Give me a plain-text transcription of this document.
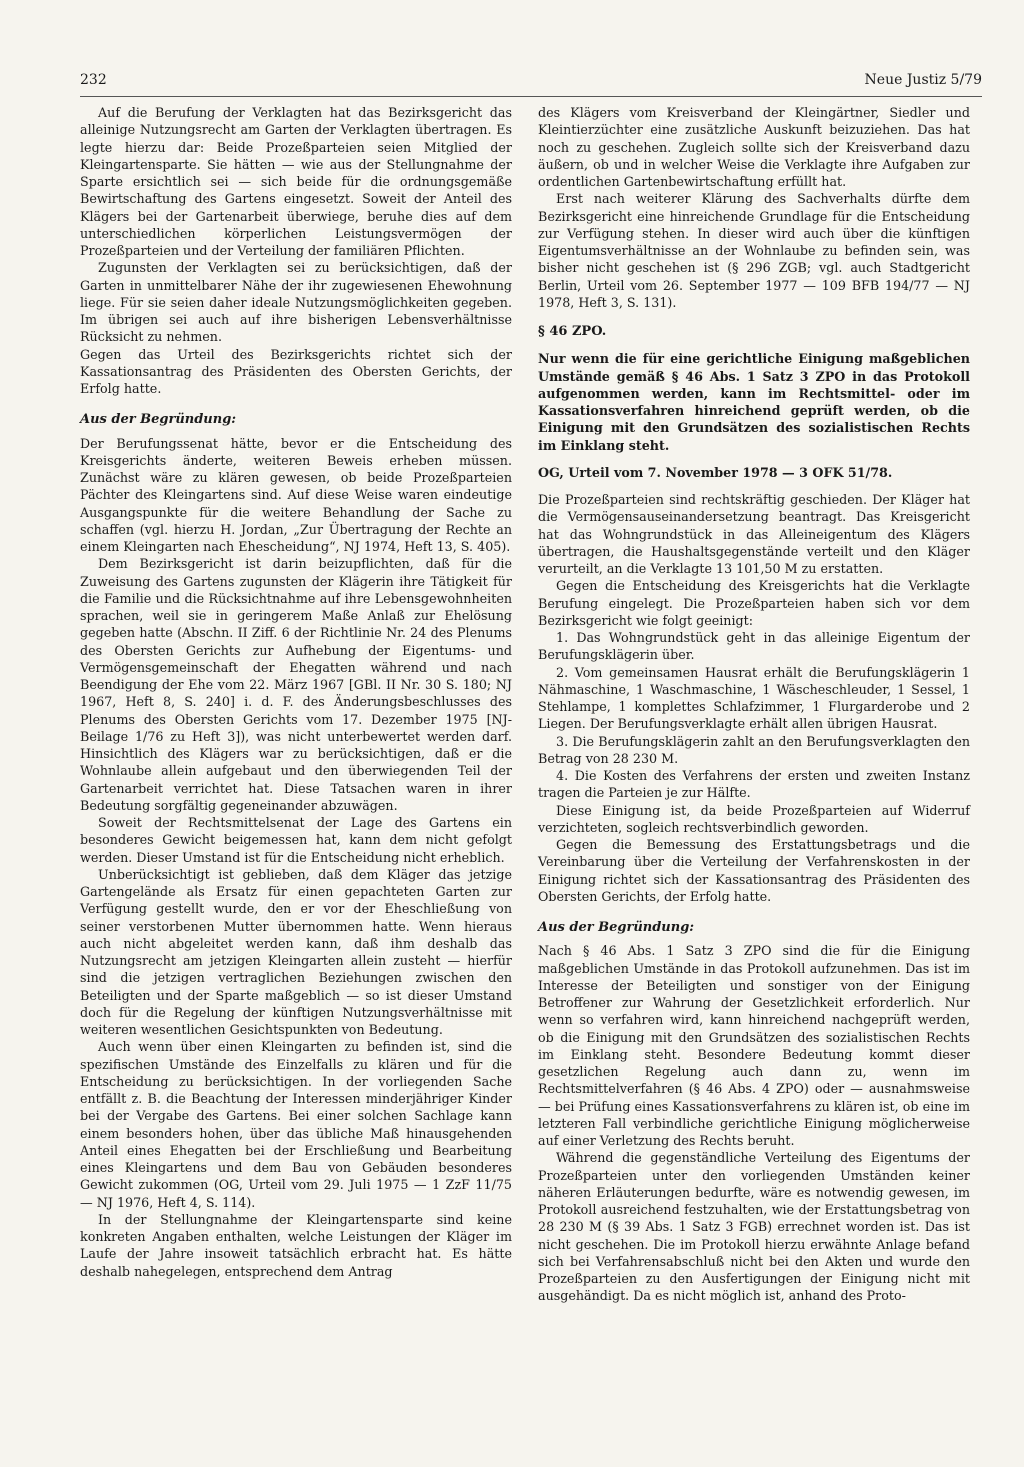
232	Neue Justiz 5/79

Auf die Berufung der Verklagten hat das Bezirksgericht das alleinige Nutzungsrecht am Garten der Verklagten übertragen. Es legte hierzu dar: Beide Prozeßparteien seien Mitglied der Kleingartensparte. Sie hätten — wie aus der Stellungnahme der Sparte ersichtlich sei — sich beide für die ordnungsgemäße Bewirtschaftung des Gartens eingesetzt. Soweit der Anteil des Klägers bei der Gartenarbeit überwiege, beruhe dies auf dem unterschiedlichen körperlichen Leistungsvermögen der Prozeßparteien und der Verteilung der familiären Pflichten.

Zugunsten der Verklagten sei zu berücksichtigen, daß der Garten in unmittelbarer Nähe der ihr zugewiesenen Ehewohnung liege. Für sie seien daher ideale Nutzungsmöglichkeiten gegeben. Im übrigen sei auch auf ihre bisherigen Lebensverhältnisse Rücksicht zu nehmen.

Gegen das Urteil des Bezirksgerichts richtet sich der Kassationsantrag des Präsidenten des Obersten Gerichts, der Erfolg hatte.

Aus der Begründung:

Der Berufungssenat hätte, bevor er die Entscheidung des Kreisgerichts änderte, weiteren Beweis erheben müssen. Zunächst wäre zu klären gewesen, ob beide Prozeßparteien Pächter des Kleingartens sind. Auf diese Weise waren eindeutige Ausgangspunkte für die weitere Behandlung der Sache zu schaffen (vgl. hierzu H. Jordan, „Zur Übertragung der Rechte an einem Kleingarten nach Ehescheidung“, NJ 1974, Heft 13, S. 405).

Dem Bezirksgericht ist darin beizupflichten, daß für die Zuweisung des Gartens zugunsten der Klägerin ihre Tätigkeit für die Familie und die Rücksichtnahme auf ihre Lebensgewohnheiten sprachen, weil sie in geringerem Maße Anlaß zur Ehelösung gegeben hatte (Abschn. II Ziff. 6 der Richtlinie Nr. 24 des Plenums des Obersten Gerichts zur Aufhebung der Eigentums- und Vermögensgemeinschaft der Ehegatten während und nach Beendigung der Ehe vom 22. März 1967 [GBl. II Nr. 30 S. 180; NJ 1967, Heft 8, S. 240] i. d. F. des Änderungsbeschlusses des Plenums des Obersten Gerichts vom 17. Dezember 1975 [NJ-Beilage 1/76 zu Heft 3]), was nicht unterbewertet werden darf. Hinsichtlich des Klägers war zu berücksichtigen, daß er die Wohnlaube allein aufgebaut und den überwiegenden Teil der Gartenarbeit verrichtet hat. Diese Tatsachen waren in ihrer Bedeutung sorgfältig gegeneinander abzuwägen.

Soweit der Rechtsmittelsenat der Lage des Gartens ein besonderes Gewicht beigemessen hat, kann dem nicht gefolgt werden. Dieser Umstand ist für die Entscheidung nicht erheblich.

Unberücksichtigt ist geblieben, daß dem Kläger das jetzige Gartengelände als Ersatz für einen gepachteten Garten zur Verfügung gestellt wurde, den er vor der Eheschließung von seiner verstorbenen Mutter übernommen hatte. Wenn hieraus auch nicht abgeleitet werden kann, daß ihm deshalb das Nutzungsrecht am jetzigen Kleingarten allein zusteht — hierfür sind die jetzigen vertraglichen Beziehungen zwischen den Beteiligten und der Sparte maßgeblich — so ist dieser Umstand doch für die Regelung der künftigen Nutzungsverhältnisse mit weiteren wesentlichen Gesichtspunkten von Bedeutung.

Auch wenn über einen Kleingarten zu befinden ist, sind die spezifischen Umstände des Einzelfalls zu klären und für die Entscheidung zu berücksichtigen. In der vorliegenden Sache entfällt z. B. die Beachtung der Interessen minderjähriger Kinder bei der Vergabe des Gartens. Bei einer solchen Sachlage kann einem besonders hohen, über das übliche Maß hinausgehenden Anteil eines Ehegatten bei der Erschließung und Bearbeitung eines Kleingartens und dem Bau von Gebäuden besonderes Gewicht zukommen (OG, Urteil vom 29. Juli 1975 — 1 ZzF 11/75 — NJ 1976, Heft 4, S. 114).

In der Stellungnahme der Kleingartensparte sind keine konkreten Angaben enthalten, welche Leistungen der Kläger im Laufe der Jahre insoweit tatsächlich erbracht hat. Es hätte deshalb nahegelegen, entsprechend dem Antrag

des Klägers vom Kreisverband der Kleingärtner, Siedler und Kleintierzüchter eine zusätzliche Auskunft beizuziehen. Das hat noch zu geschehen. Zugleich sollte sich der Kreisverband dazu äußern, ob und in welcher Weise die Verklagte ihre Aufgaben zur ordentlichen Gartenbewirtschaftung erfüllt hat.

Erst nach weiterer Klärung des Sachverhalts dürfte dem Bezirksgericht eine hinreichende Grundlage für die Entscheidung zur Verfügung stehen. In dieser wird auch über die künftigen Eigentumsverhältnisse an der Wohnlaube zu befinden sein, was bisher nicht geschehen ist (§ 296 ZGB; vgl. auch Stadtgericht Berlin, Urteil vom 26. September 1977 — 109 BFB 194/77 — NJ 1978, Heft 3, S. 131).

§ 46 ZPO.

Nur wenn die für eine gerichtliche Einigung maßgeblichen Umstände gemäß § 46 Abs. 1 Satz 3 ZPO in das Protokoll aufgenommen werden, kann im Rechtsmittel- oder im Kassationsverfahren hinreichend geprüft werden, ob die Einigung mit den Grundsätzen des sozialistischen Rechts im Einklang steht.

OG, Urteil vom 7. November 1978 — 3 OFK 51/78.

Die Prozeßparteien sind rechtskräftig geschieden. Der Kläger hat die Vermögensauseinandersetzung beantragt. Das Kreisgericht hat das Wohngrundstück in das Alleineigentum des Klägers übertragen, die Haushaltsgegenstände verteilt und den Kläger verurteilt, an die Verklagte 13 101,50 M zu erstatten.

Gegen die Entscheidung des Kreisgerichts hat die Verklagte Berufung eingelegt. Die Prozeßparteien haben sich vor dem Bezirksgericht wie folgt geeinigt:

1. Das Wohngrundstück geht in das alleinige Eigentum der Berufungsklägerin über.

2. Vom gemeinsamen Hausrat erhält die Berufungsklägerin 1 Nähmaschine, 1 Waschmaschine, 1 Wäscheschleuder, 1 Sessel, 1 Stehlampe, 1 komplettes Schlafzimmer, 1 Flurgarderobe und 2 Liegen. Der Berufungsverklagte erhält allen übrigen Hausrat.

3. Die Berufungsklägerin zahlt an den Berufungsverklagten den Betrag von 28 230 M.

4. Die Kosten des Verfahrens der ersten und zweiten Instanz tragen die Parteien je zur Hälfte.

Diese Einigung ist, da beide Prozeßparteien auf Widerruf verzichteten, sogleich rechtsverbindlich geworden.

Gegen die Bemessung des Erstattungsbetrags und die Vereinbarung über die Verteilung der Verfahrenskosten in der Einigung richtet sich der Kassationsantrag des Präsidenten des Obersten Gerichts, der Erfolg hatte.

Aus der Begründung:

Nach § 46 Abs. 1 Satz 3 ZPO sind die für die Einigung maßgeblichen Umstände in das Protokoll aufzunehmen. Das ist im Interesse der Beteiligten und sonstiger von der Einigung Betroffener zur Wahrung der Gesetzlichkeit erforderlich. Nur wenn so verfahren wird, kann hinreichend nachgeprüft werden, ob die Einigung mit den Grundsätzen des sozialistischen Rechts im Einklang steht. Besondere Bedeutung kommt dieser gesetzlichen Regelung auch dann zu, wenn im Rechtsmittelverfahren (§ 46 Abs. 4 ZPO) oder — ausnahmsweise — bei Prüfung eines Kassationsverfahrens zu klären ist, ob eine im letzteren Fall verbindliche gerichtliche Einigung möglicherweise auf einer Verletzung des Rechts beruht.

Während die gegenständliche Verteilung des Eigentums der Prozeßparteien unter den vorliegenden Umständen keiner näheren Erläuterungen bedurfte, wäre es notwendig gewesen, im Protokoll ausreichend festzuhalten, wie der Erstattungsbetrag von 28 230 M (§ 39 Abs. 1 Satz 3 FGB) errechnet worden ist. Das ist nicht geschehen. Die im Protokoll hierzu erwähnte Anlage befand sich bei Verfahrensabschluß nicht bei den Akten und wurde den Prozeßparteien zu den Ausfertigungen der Einigung nicht mit ausgehändigt. Da es nicht möglich ist, anhand des Proto-
